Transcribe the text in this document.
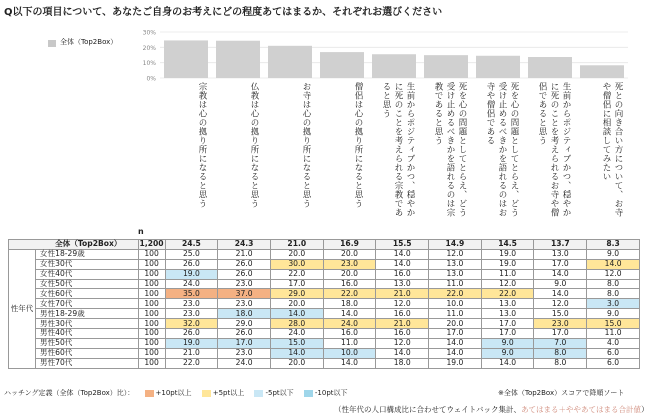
Q以下の項目について、あなたご自身のお考えにどの程度あてはまるか、それぞれお選びください
全体（Top2Box）
0%
10%
20%
30%
宗教は心の拠り所になると思う	仏教は心の拠り所になると思う	お寺は心の拠り所になると思う	僧侶は心の拠り所になると思う	生前からポジティブかつ、穏やかに死のことを考えられる宗教であると思う	死を心の問題としてとらえ、どう受け止めるべきかを語れるのは宗教であると思う	死を心の問題としてとらえ、どう受け止めるべきかを語れるのはお寺や僧侶である	生前からポジティブかつ、穏やかに死のことを考えられるお寺や僧侶であると思う	死との向き合い方について、お寺や僧侶に相談してみたい
n
全体（Top2Box）		1,200	24.5	24.3	21.0	16.9	15.5	14.9	14.5	13.7	8.3
性年代	女性18-29歳	100	25.0	21.0	20.0	20.0	14.0	12.0	19.0	13.0	9.0
	女性30代	100	26.0	26.0	30.0	23.0	14.0	13.0	19.0	17.0	14.0
	女性40代	100	19.0	26.0	22.0	20.0	16.0	13.0	11.0	14.0	12.0
	女性50代	100	24.0	23.0	17.0	16.0	13.0	11.0	12.0	9.0	8.0
	女性60代	100	35.0	37.0	29.0	22.0	21.0	22.0	22.0	14.0	8.0
	女性70代	100	23.0	23.0	20.0	18.0	12.0	10.0	13.0	12.0	3.0
	男性18-29歳	100	23.0	18.0	14.0	14.0	16.0	11.0	13.0	15.0	9.0
	男性30代	100	32.0	29.0	28.0	24.0	21.0	20.0	17.0	23.0	15.0
	男性40代	100	26.0	26.0	24.0	16.0	16.0	17.0	17.0	17.0	11.0
	男性50代	100	19.0	17.0	15.0	11.0	12.0	14.0	9.0	7.0	4.0
	男性60代	100	21.0	23.0	14.0	10.0	14.0	14.0	9.0	8.0	6.0
	男性70代	100	22.0	24.0	20.0	14.0	18.0	19.0	14.0	8.0	6.0
ハッチング定義（全体（Top2Box）比）：	+10pt以上	+5pt以上	-5pt以下	-10pt以下	※全体（Top2Box）スコアで降順ソート
（性年代の人口構成比に合わせてウェイトバック集計、あてはまる＋ややあてはまる合計値）
